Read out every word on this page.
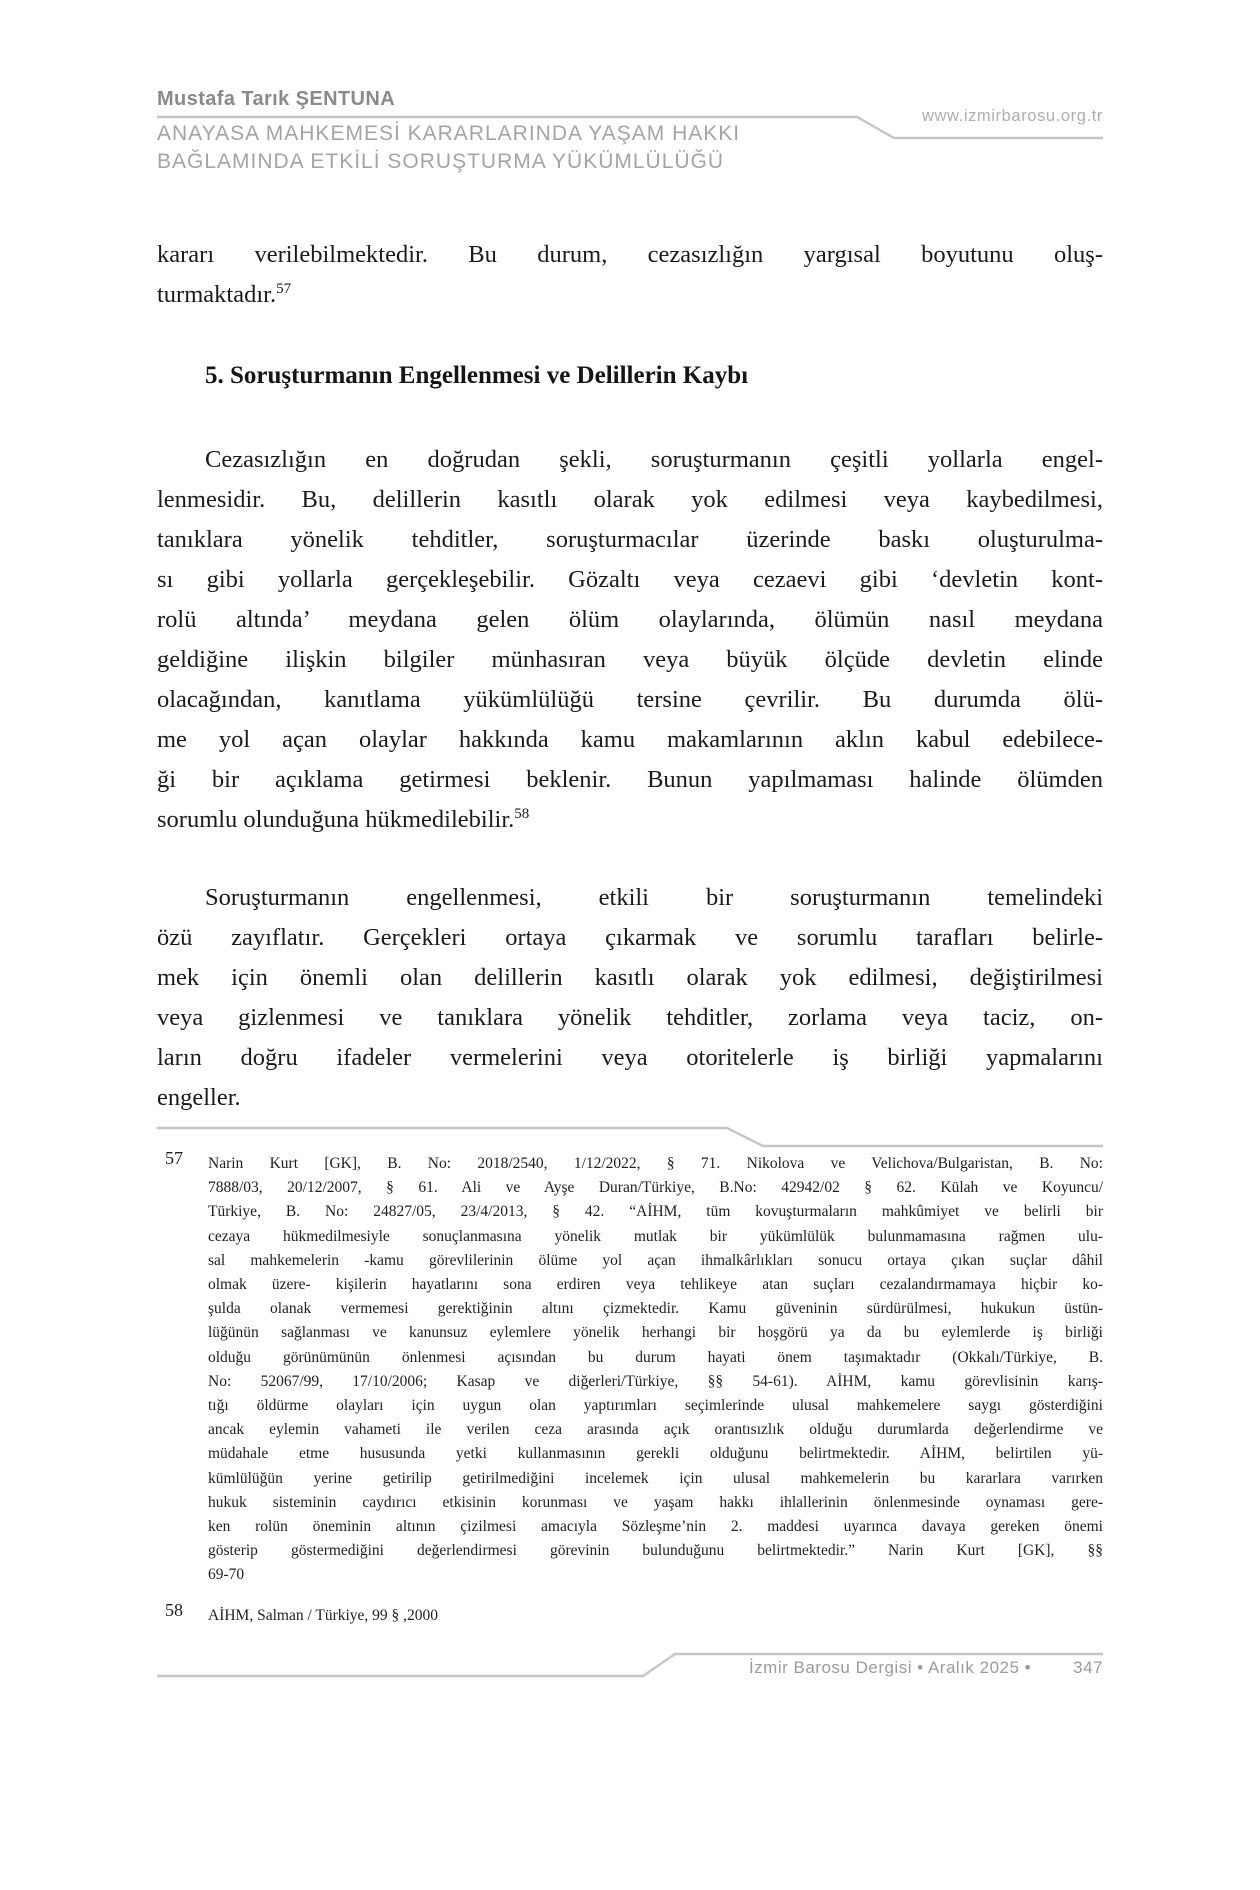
Mustafa Tarık ŞENTUNA
www.izmirbarosu.org.tr
ANAYASA MAHKEMESİ KARARLARINDA YAŞAM HAKKI
BAĞLAMINDA ETKİLİ SORUŞTURMA YÜKÜMLÜLÜĞÜ
kararı verilebilmektedir. Bu durum, cezasızlığın yargısal boyutunu oluş-
turmaktadır.$^{57}$
5. Soruşturmanın Engellenmesi ve Delillerin Kaybı
Cezasızlığın en doğrudan şekli, soruşturmanın çeşitli yollarla engel-
lenmesidir. Bu, delillerin kasıtlı olarak yok edilmesi veya kaybedilmesi,
tanıklara yönelik tehditler, soruşturmacılar üzerinde baskı oluşturulma-
sı gibi yollarla gerçekleşebilir. Gözaltı veya cezaevi gibi ‘devletin kont-
rolü altında’ meydana gelen ölüm olaylarında, ölümün nasıl meydana
geldiğine ilişkin bilgiler münhasıran veya büyük ölçüde devletin elinde
olacağından, kanıtlama yükümlülüğü tersine çevrilir. Bu durumda ölü-
me yol açan olaylar hakkında kamu makamlarının aklın kabul edebilece-
ği bir açıklama getirmesi beklenir. Bunun yapılmaması halinde ölümden
sorumlu olunduğuna hükmedilebilir.$^{58}$
Soruşturmanın engellenmesi, etkili bir soruşturmanın temelindeki
özü zayıflatır. Gerçekleri ortaya çıkarmak ve sorumlu tarafları belirle-
mek için önemli olan delillerin kasıtlı olarak yok edilmesi, değiştirilmesi
veya gizlenmesi ve tanıklara yönelik tehditler, zorlama veya taciz, on-
ların doğru ifadeler vermelerini veya otoritelerle iş birliği yapmalarını
engeller.
57 Narin Kurt [GK], B. No: 2018/2540, 1/12/2022, § 71. Nikolova ve Velichova/Bulgaristan, B. No:
7888/03, 20/12/2007, § 61. Ali ve Ayşe Duran/Türkiye, B.No: 42942/02 § 62. Külah ve Koyuncu/
Türkiye, B. No: 24827/05, 23/4/2013, § 42. “AİHM, tüm kovuşturmaların mahkûmiyet ve belirli bir
cezaya hükmedilmesiyle sonuçlanmasına yönelik mutlak bir yükümlülük bulunmamasına rağmen ulu-
sal mahkemelerin -kamu görevlilerinin ölüme yol açan ihmalkârlıkları sonucu ortaya çıkan suçlar dâhil
olmak üzere- kişilerin hayatlarını sona erdiren veya tehlikeye atan suçları cezalandırmamaya hiçbir ko-
şulda olanak vermemesi gerektiğinin altını çizmektedir. Kamu güveninin sürdürülmesi, hukukun üstün-
lüğünün sağlanması ve kanunsuz eylemlere yönelik herhangi bir hoşgörü ya da bu eylemlerde iş birliği
olduğu görünümünün önlenmesi açısından bu durum hayati önem taşımaktadır (Okkalı/Türkiye, B.
No: 52067/99, 17/10/2006; Kasap ve diğerleri/Türkiye, §§ 54-61). AİHM, kamu görevlisinin karış-
tığı öldürme olayları için uygun olan yaptırımları seçimlerinde ulusal mahkemelere saygı gösterdiğini
ancak eylemin vahameti ile verilen ceza arasında açık orantısızlık olduğu durumlarda değerlendirme ve
müdahale etme hususunda yetki kullanmasının gerekli olduğunu belirtmektedir. AİHM, belirtilen yü-
kümlülüğün yerine getirilip getirilmediğini incelemek için ulusal mahkemelerin bu kararlara varırken
hukuk sisteminin caydırıcı etkisinin korunması ve yaşam hakkı ihlallerinin önlenmesinde oynaması gere-
ken rolün öneminin altının çizilmesi amacıyla Sözleşme’nin 2. maddesi uyarınca davaya gereken önemi
gösterip göstermediğini değerlendirmesi görevinin bulunduğunu belirtmektedir.” Narin Kurt [GK], §§
69-70
58 AİHM, Salman / Türkiye, 99 § ,2000
İzmir Barosu Dergisi • Aralık 2025 • 347
